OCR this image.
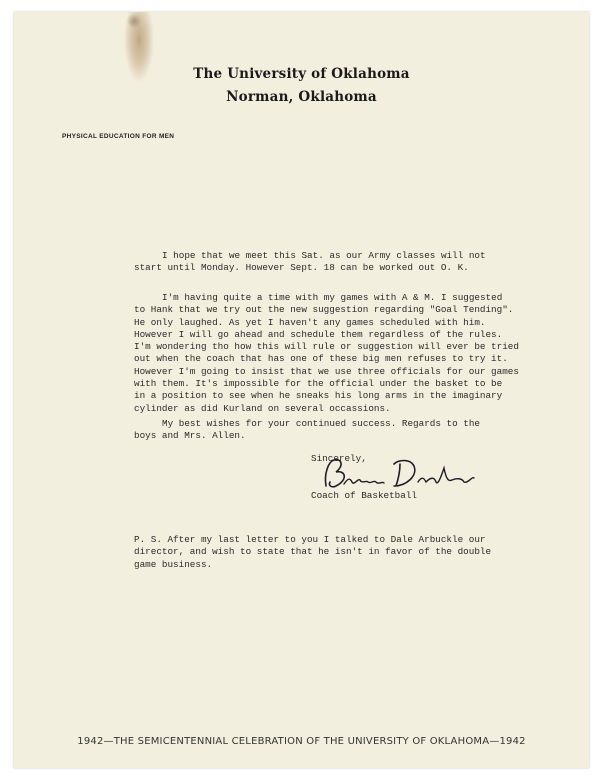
The University of Oklahoma
Norman, Oklahoma
PHYSICAL EDUCATION FOR MEN
I hope that we meet this Sat. as our Army classes will not
start until Monday. However Sept. 18 can be worked out O. K.
I'm having quite a time with my games with A & M. I suggested
to Hank that we try out the new suggestion regarding "Goal Tending".
He only laughed. As yet I haven't any games scheduled with him.
However I will go ahead and schedule them regardless of the rules.
I'm wondering tho how this will rule or suggestion will ever be tried
out when the coach that has one of these big men refuses to try it.
However I'm going to insist that we use three officials for our games
with them. It's impossible for the official under the basket to be
in a position to see when he sneaks his long arms in the imaginary
cylinder as did Kurland on several occassions.
My best wishes for your continued success. Regards to the
boys and Mrs. Allen.
Sincerely,
Coach of Basketball
P. S. After my last letter to you I talked to Dale Arbuckle our
director, and wish to state that he isn't in favor of the double
game business.
1942—THE SEMICENTENNIAL CELEBRATION OF THE UNIVERSITY OF OKLAHOMA—1942
